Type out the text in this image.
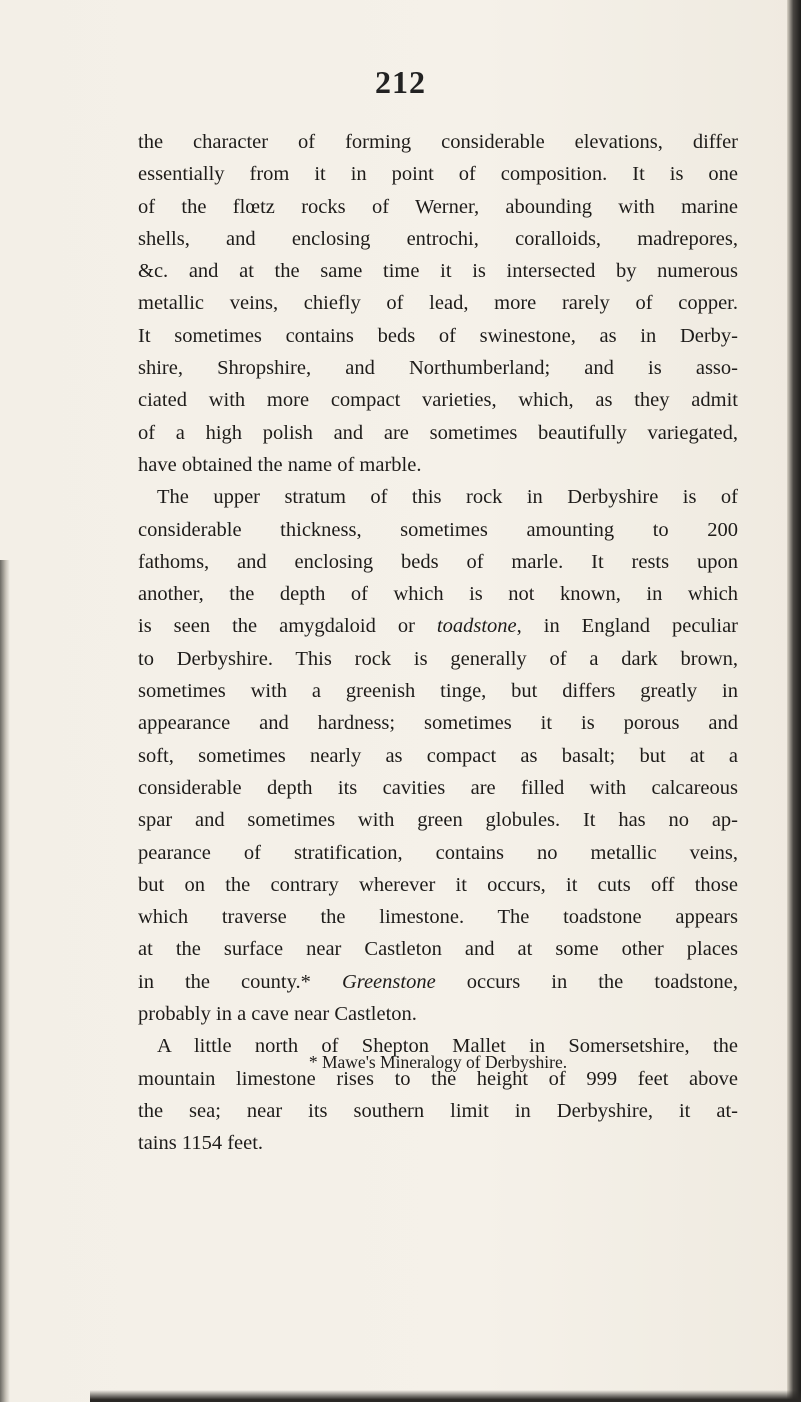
212
the character of forming considerable elevations, differ
essentially from it in point of composition. It is one
of the flœtz rocks of Werner, abounding with marine
shells, and enclosing entrochi, coralloids, madrepores,
&c. and at the same time it is intersected by numerous
metallic veins, chiefly of lead, more rarely of copper.
It sometimes contains beds of swinestone, as in Derby-
shire, Shropshire, and Northumberland; and is asso-
ciated with more compact varieties, which, as they admit
of a high polish and are sometimes beautifully variegated,
have obtained the name of marble.
The upper stratum of this rock in Derbyshire is of
considerable thickness, sometimes amounting to 200
fathoms, and enclosing beds of marle. It rests upon
another, the depth of which is not known, in which
is seen the amygdaloid or toadstone, in England peculiar
to Derbyshire. This rock is generally of a dark brown,
sometimes with a greenish tinge, but differs greatly in
appearance and hardness; sometimes it is porous and
soft, sometimes nearly as compact as basalt; but at a
considerable depth its cavities are filled with calcareous
spar and sometimes with green globules. It has no ap-
pearance of stratification, contains no metallic veins,
but on the contrary wherever it occurs, it cuts off those
which traverse the limestone. The toadstone appears
at the surface near Castleton and at some other places
in the county.* Greenstone occurs in the toadstone,
probably in a cave near Castleton.
A little north of Shepton Mallet in Somersetshire, the
mountain limestone rises to the height of 999 feet above
the sea; near its southern limit in Derbyshire, it at-
tains 1154 feet.
* Mawe's Mineralogy of Derbyshire.
